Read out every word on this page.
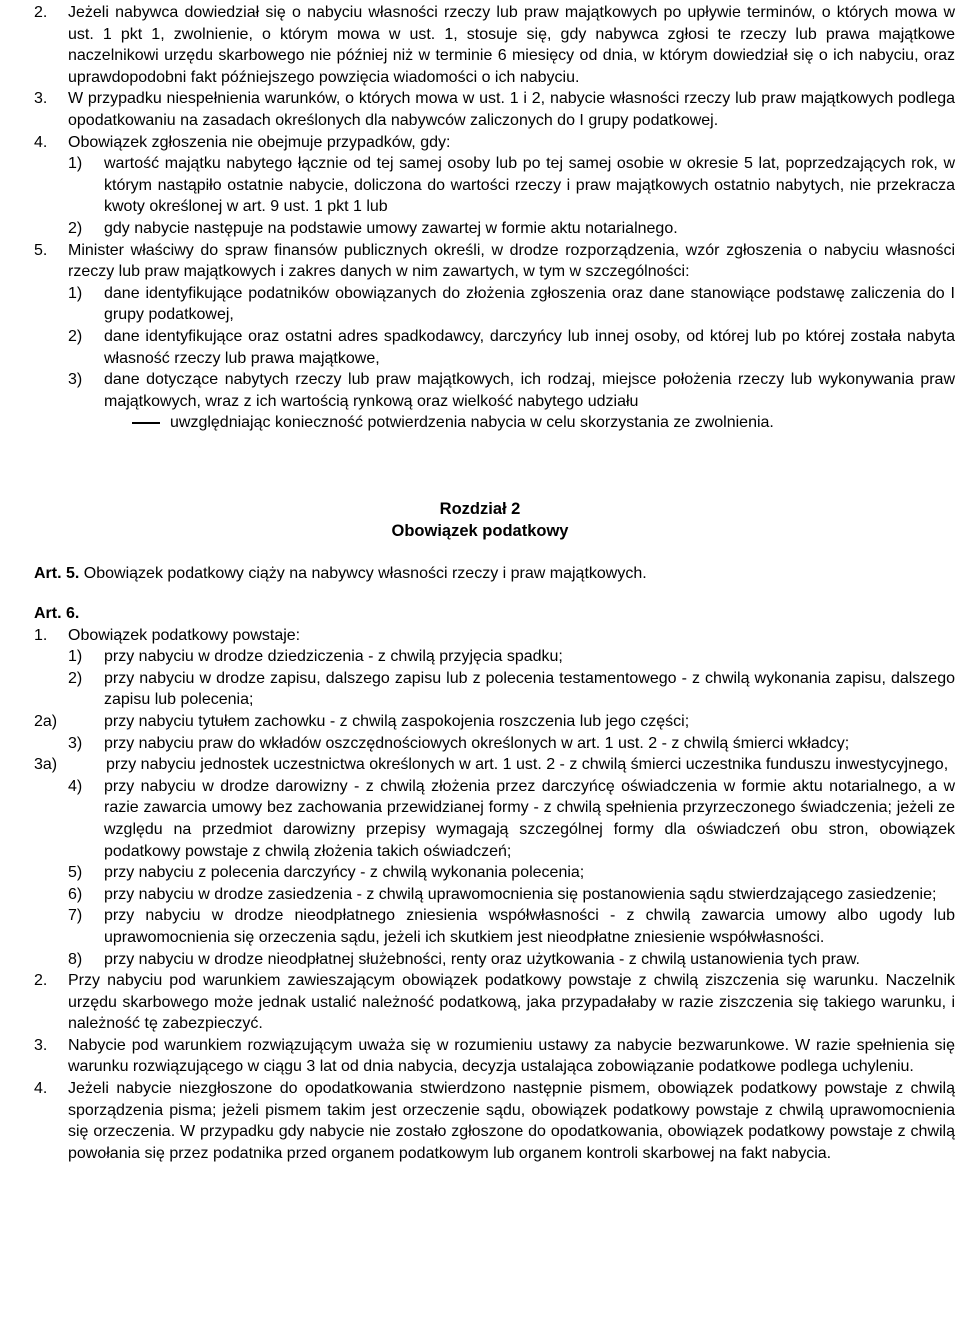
2. Jeżeli nabywca dowiedział się o nabyciu własności rzeczy lub praw majątkowych po upływie terminów, o których mowa w ust. 1 pkt 1, zwolnienie, o którym mowa w ust. 1, stosuje się, gdy nabywca zgłosi te rzeczy lub prawa majątkowe naczelnikowi urzędu skarbowego nie później niż w terminie 6 miesięcy od dnia, w którym dowiedział się o ich nabyciu, oraz uprawdopodobni fakt późniejszego powzięcia wiadomości o ich nabyciu.

3. W przypadku niespełnienia warunków, o których mowa w ust. 1 i 2, nabycie własności rzeczy lub praw majątkowych podlega opodatkowaniu na zasadach określonych dla nabywców zaliczonych do I grupy podatkowej.

4. Obowiązek zgłoszenia nie obejmuje przypadków, gdy:

1) wartość majątku nabytego łącznie od tej samej osoby lub po tej samej osobie w okresie 5 lat, poprzedzających rok, w którym nastąpiło ostatnie nabycie, doliczona do wartości rzeczy i praw majątkowych ostatnio nabytych, nie przekracza kwoty określonej w art. 9 ust. 1 pkt 1 lub

2) gdy nabycie następuje na podstawie umowy zawartej w formie aktu notarialnego.

5. Minister właściwy do spraw finansów publicznych określi, w drodze rozporządzenia, wzór zgłoszenia o nabyciu własności rzeczy lub praw majątkowych i zakres danych w nim zawartych, w tym w szczególności:

1) dane identyfikujące podatników obowiązanych do złożenia zgłoszenia oraz dane stanowiące podstawę zaliczenia do I grupy podatkowej,

2) dane identyfikujące oraz ostatni adres spadkodawcy, darczyńcy lub innej osoby, od której lub po której została nabyta własność rzeczy lub prawa majątkowe,

3) dane dotyczące nabytych rzeczy lub praw majątkowych, ich rodzaj, miejsce położenia rzeczy lub wykonywania praw majątkowych, wraz z ich wartością rynkową oraz wielkość nabytego udziału

uwzględniając konieczność potwierdzenia nabycia w celu skorzystania ze zwolnienia.

Rozdział 2
Obowiązek podatkowy

Art. 5. Obowiązek podatkowy ciąży na nabywcy własności rzeczy i praw majątkowych.

Art. 6.

1. Obowiązek podatkowy powstaje:

1) przy nabyciu w drodze dziedziczenia - z chwilą przyjęcia spadku;

2) przy nabyciu w drodze zapisu, dalszego zapisu lub z polecenia testamentowego - z chwilą wykonania zapisu, dalszego zapisu lub polecenia;

2a)	przy nabyciu tytułem zachowku - z chwilą zaspokojenia roszczenia lub jego części;

3) przy nabyciu praw do wkładów oszczędnościowych określonych w art. 1 ust. 2 - z chwilą śmierci wkładcy;

3a)	przy nabyciu jednostek uczestnictwa określonych w art. 1 ust. 2 - z chwilą śmierci uczestnika funduszu inwestycyjnego,

4) przy nabyciu w drodze darowizny - z chwilą złożenia przez darczyńcę oświadczenia w formie aktu notarialnego, a w razie zawarcia umowy bez zachowania przewidzianej formy - z chwilą spełnienia przyrzeczonego świadczenia; jeżeli ze względu na przedmiot darowizny przepisy wymagają szczególnej formy dla oświadczeń obu stron, obowiązek podatkowy powstaje z chwilą złożenia takich oświadczeń;

5) przy nabyciu z polecenia darczyńcy - z chwilą wykonania polecenia;

6) przy nabyciu w drodze zasiedzenia - z chwilą uprawomocnienia się postanowienia sądu stwierdzającego zasiedzenie;

7) przy nabyciu w drodze nieodpłatnego zniesienia współwłasności - z chwilą zawarcia umowy albo ugody lub uprawomocnienia się orzeczenia sądu, jeżeli ich skutkiem jest nieodpłatne zniesienie współwłasności.

8) przy nabyciu w drodze nieodpłatnej służebności, renty oraz użytkowania - z chwilą ustanowienia tych praw.

2. Przy nabyciu pod warunkiem zawieszającym obowiązek podatkowy powstaje z chwilą ziszczenia się warunku. Naczelnik urzędu skarbowego może jednak ustalić należność podatkową, jaka przypadałaby w razie ziszczenia się takiego warunku, i należność tę zabezpieczyć.

3. Nabycie pod warunkiem rozwiązującym uważa się w rozumieniu ustawy za nabycie bezwarunkowe. W razie spełnienia się warunku rozwiązującego w ciągu 3 lat od dnia nabycia, decyzja ustalająca zobowiązanie podatkowe podlega uchyleniu.

4. Jeżeli nabycie niezgłoszone do opodatkowania stwierdzono następnie pismem, obowiązek podatkowy powstaje z chwilą sporządzenia pisma; jeżeli pismem takim jest orzeczenie sądu, obowiązek podatkowy powstaje z chwilą uprawomocnienia się orzeczenia. W przypadku gdy nabycie nie zostało zgłoszone do opodatkowania, obowiązek podatkowy powstaje z chwilą powołania się przez podatnika przed organem podatkowym lub organem kontroli skarbowej na fakt nabycia.
